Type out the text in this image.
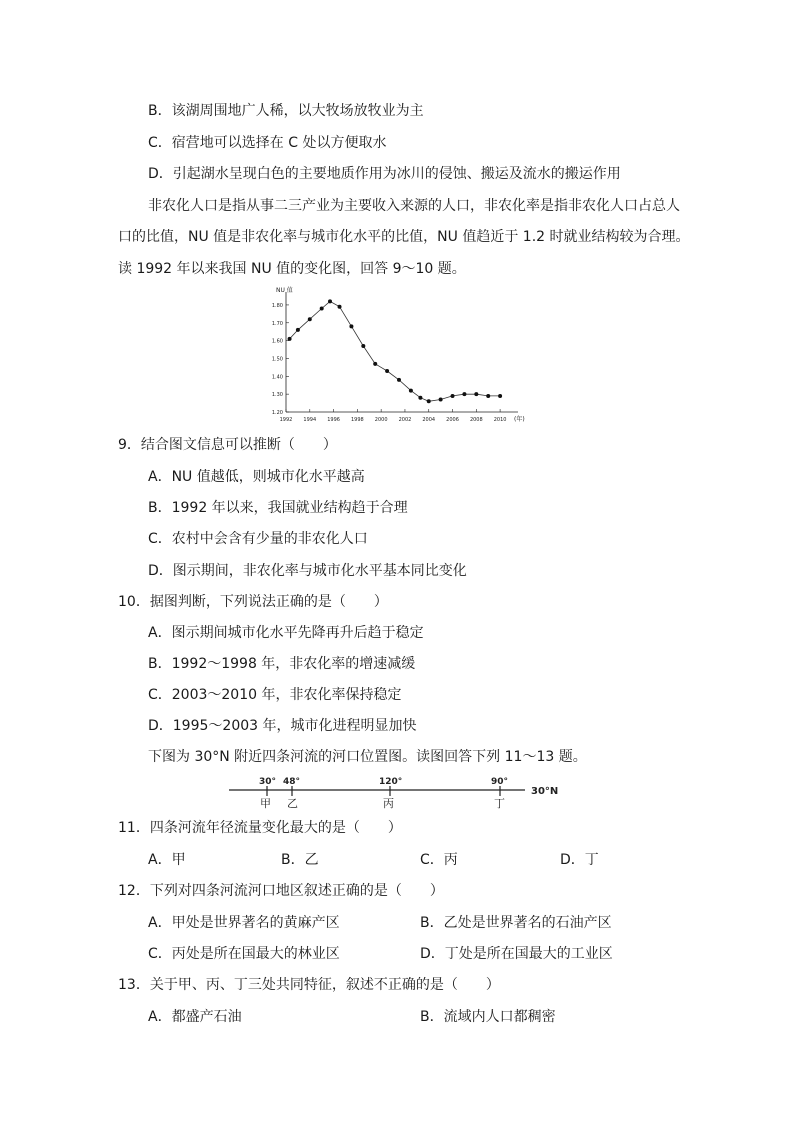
B．该湖周围地广人稀，以大牧场放牧业为主
C．宿营地可以选择在 C 处以方便取水
D．引起湖水呈现白色的主要地质作用为冰川的侵蚀、搬运及流水的搬运作用
非农化人口是指从事二三产业为主要收入来源的人口，非农化率是指非农化人口占总人
口的比值，NU 值是非农化率与城市化水平的比值，NU 值趋近于 1.2 时就业结构较为合理。
读 1992 年以来我国 NU 值的变化图，回答 9～10 题。
NU 值
(年)
1.80
1.70
1.60
1.50
1.40
1.30
1.20
1992 1994 1996 1998 2000 2002 2004 2006 2008 2010
9．结合图文信息可以推断（　　）
A．NU 值越低，则城市化水平越高
B．1992 年以来，我国就业结构趋于合理
C．农村中会含有少量的非农化人口
D．图示期间，非农化率与城市化水平基本同比变化
10．据图判断，下列说法正确的是（　　）
A．图示期间城市化水平先降再升后趋于稳定
B．1992～1998 年，非农化率的增速减缓
C．2003～2010 年，非农化率保持稳定
D．1995～2003 年，城市化进程明显加快
下图为 30°N 附近四条河流的河口位置图。读图回答下列 11～13 题。
30°N
30°
甲
48°
乙
120°
丙
90°
丁
11．四条河流年径流量变化最大的是（　　）
A．甲	B．乙	C．丙	D．丁
12．下列对四条河流河口地区叙述正确的是（　　）
A．甲处是世界著名的黄麻产区	B．乙处是世界著名的石油产区
C．丙处是所在国最大的林业区	D．丁处是所在国最大的工业区
13．关于甲、丙、丁三处共同特征，叙述不正确的是（　　）
A．都盛产石油	B．流域内人口都稠密
